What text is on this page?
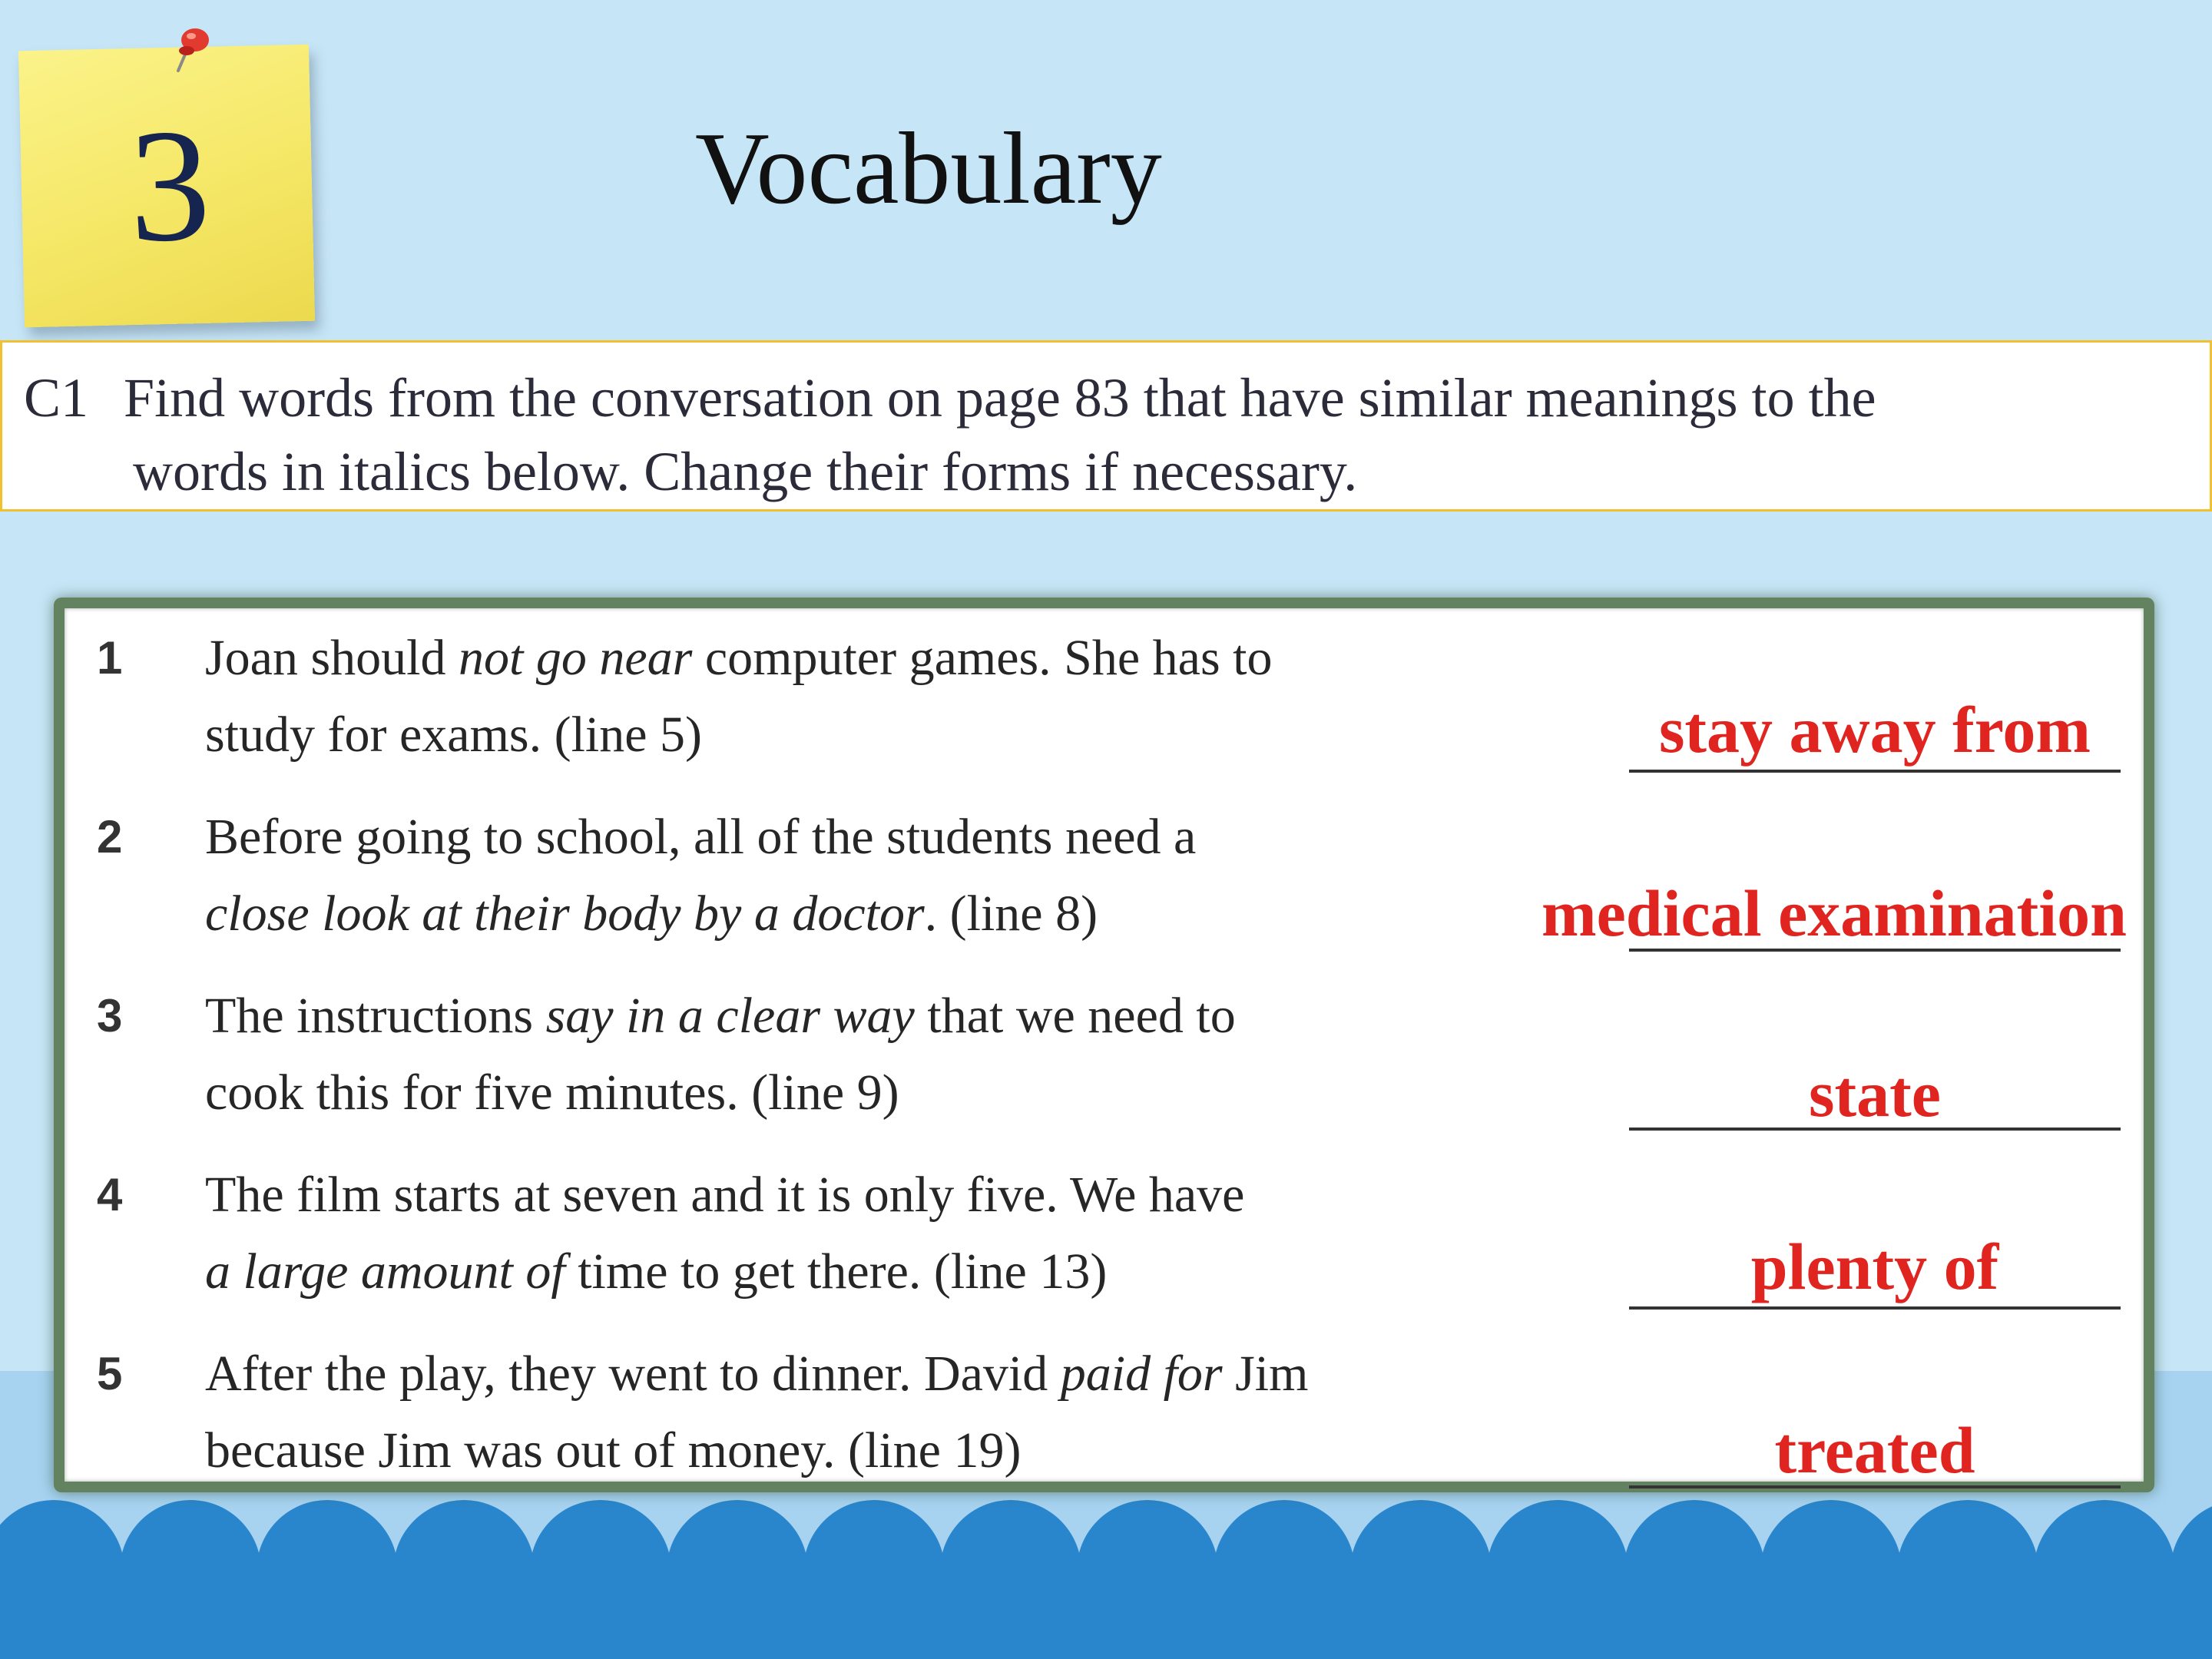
3	Vocabulary
C1 Find words from the conversation on page 83 that have similar meanings to the
words in italics below. Change their forms if necessary.
1 Joan should not go near computer games. She has to
study for exams. (line 5)	stay away from
2 Before going to school, all of the students need a
close look at their body by a doctor. (line 8)	medical examination
3 The instructions say in a clear way that we need to
cook this for five minutes. (line 9)	state
4 The film starts at seven and it is only five. We have
a large amount of time to get there. (line 13)	plenty of
5 After the play, they went to dinner. David paid for Jim
because Jim was out of money. (line 19)	treated
